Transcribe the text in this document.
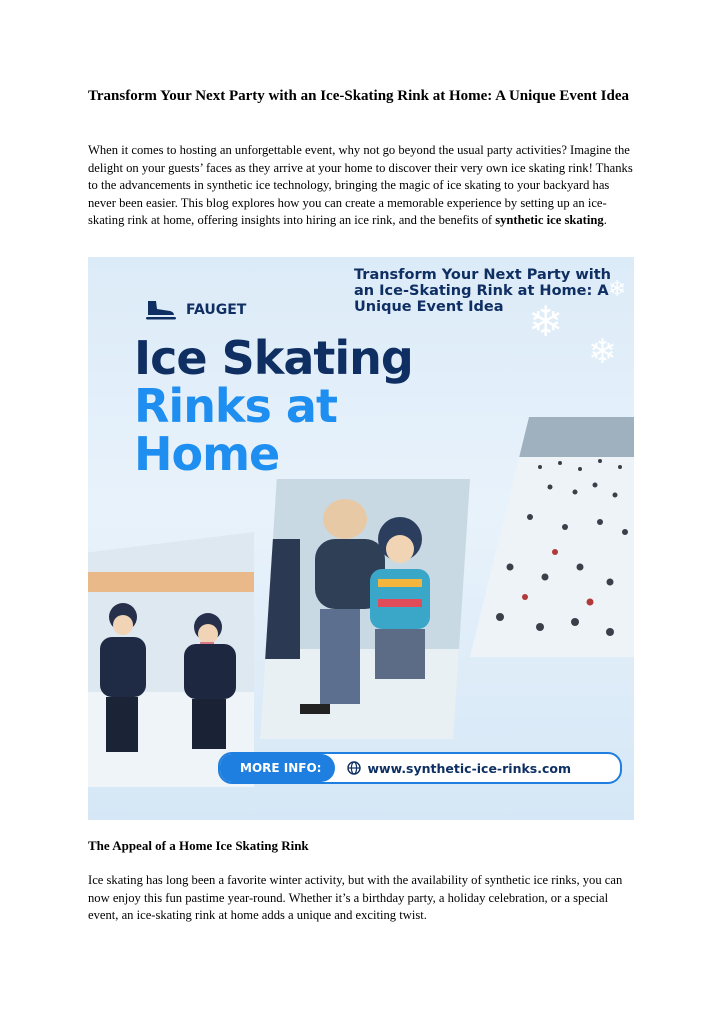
Transform Your Next Party with an Ice-Skating Rink at Home: A Unique Event Idea

When it comes to hosting an unforgettable event, why not go beyond the usual party activities? Imagine the delight on your guests’ faces as they arrive at your home to discover their very own ice skating rink! Thanks to the advancements in synthetic ice technology, bringing the magic of ice skating to your backyard has never been easier. This blog explores how you can create a memorable experience by setting up an ice-skating rink at home, offering insights into hiring an ice rink, and the benefits of synthetic ice skating.

❄
❄
❄
Transform Your Next Party with an Ice-Skating Rink at Home: A Unique Event Idea
FAUGET
Ice Skating
Rinks at
Home
MORE INFO:	www.synthetic-ice-rinks.com
The Appeal of a Home Ice Skating Rink

Ice skating has long been a favorite winter activity, but with the availability of synthetic ice rinks, you can now enjoy this fun pastime year-round. Whether it’s a birthday party, a holiday celebration, or a special event, an ice-skating rink at home adds a unique and exciting twist.
